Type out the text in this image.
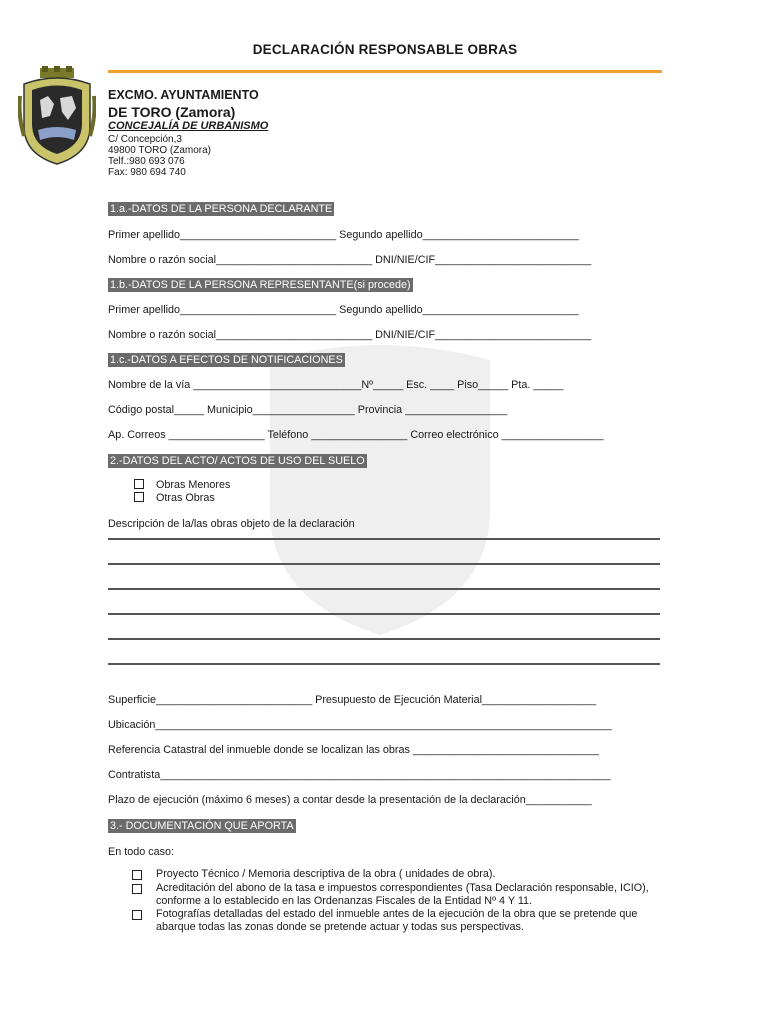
DECLARACIÓN RESPONSABLE OBRAS
EXCMO. AYUNTAMIENTO
DE TORO (Zamora)
CONCEJALÍA DE URBANISMO
C/ Concepción,3
49800 TORO (Zamora)
Telf.:980 693 076
Fax: 980 694 740
1.a.-DATOS DE LA PERSONA DECLARANTE
Primer apellido__________________________ Segundo apellido__________________________
Nombre o razón social__________________________ DNI/NIE/CIF__________________________
1.b.-DATOS DE LA PERSONA REPRESENTANTE(si procede)
Primer apellido__________________________ Segundo apellido__________________________
Nombre o razón social__________________________ DNI/NIE/CIF__________________________
1.c.-DATOS A EFECTOS DE NOTIFICACIONES
Nombre de la vía ____________________________Nº_____ Esc. ____ Piso_____ Pta. _____
Código postal_____ Municipio_________________ Provincia _________________
Ap. Correos ________________ Teléfono ________________ Correo electrónico _________________
2.-DATOS DEL ACTO/ ACTOS DE USO DEL SUELO
Obras Menores
Otras Obras
Descripción de la/las obras objeto de la declaración
Superficie__________________________ Presupuesto de Ejecución Material___________________
Ubicación____________________________________________________________________________
Referencia Catastral del inmueble donde se localizan las obras _______________________________
Contratista___________________________________________________________________________
Plazo de ejecución (máximo 6 meses) a contar desde la presentación de la declaración___________
3.- DOCUMENTACIÓN QUE APORTA
En todo caso:
Proyecto Técnico / Memoria descriptiva de la obra ( unidades de obra).
Acreditación del abono de la tasa e impuestos correspondientes (Tasa Declaración responsable, ICIO), conforme a lo establecido en las Ordenanzas Fiscales de la Entidad Nº 4 Y 11.
Fotografías detalladas del estado del inmueble antes de la ejecución de la obra que se pretende que abarque todas las zonas donde se pretende actuar y todas sus perspectivas.
